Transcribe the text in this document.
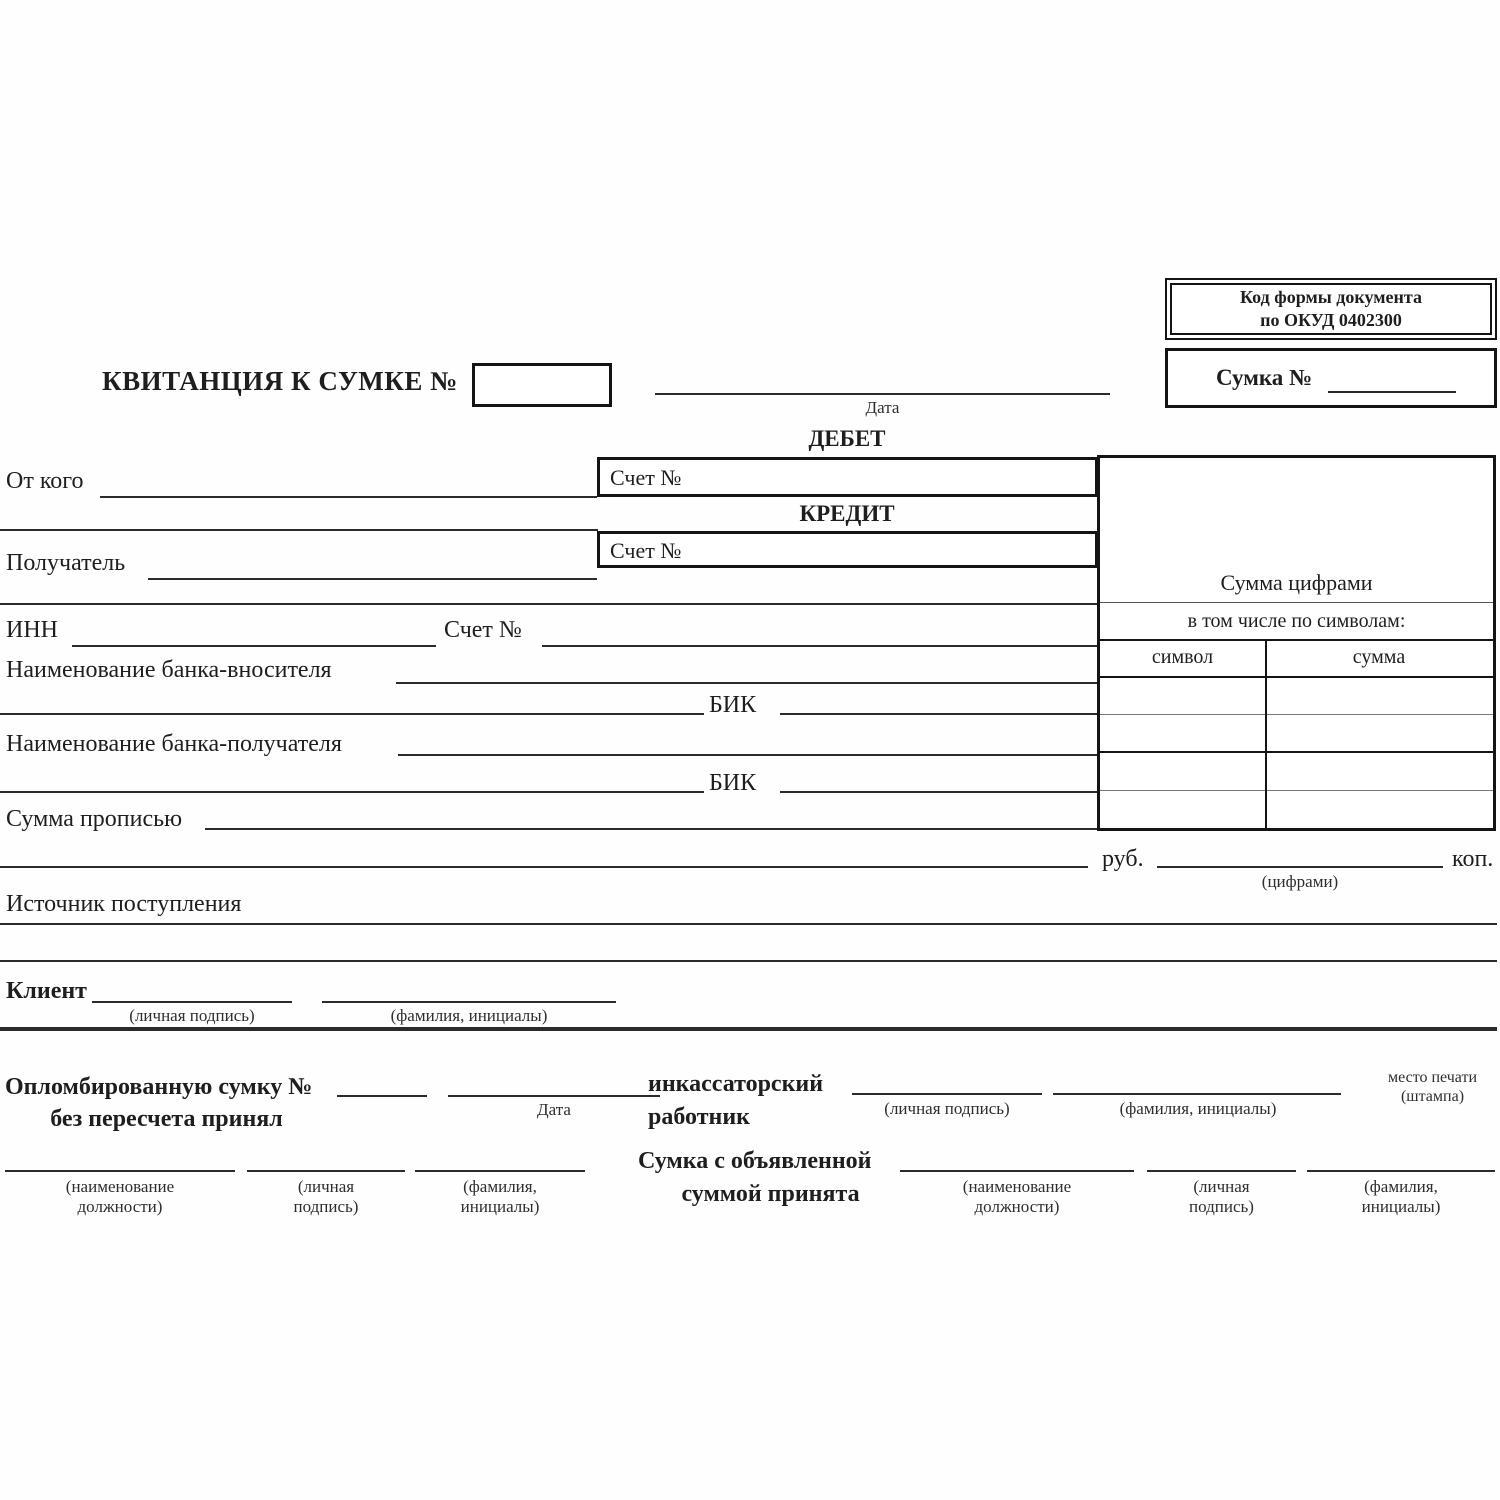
Код формы документа
по ОКУД 0402300
Сумка №
КВИТАНЦИЯ К СУМКЕ №
Дата
ДЕБЕТ
Счет №
От кого
КРЕДИТ
Счет №
Получатель
ИНН	Счет №
Наименование банка-вносителя
БИК
Наименование банка-получателя
БИК
Сумма прописью
руб.
(цифрами)
коп.
Источник поступления
Клиент
(личная подпись)	(фамилия, инициалы)
Сумма цифрами
в том числе по символам:
символ	сумма
Опломбированную сумку №
без пересчета принял	Дата
инкассаторский
работник	(личная подпись)	(фамилия, инициалы)
место печати
(штампа)
(наименование
должности)
(личная
подпись)
(фамилия,
инициалы)
Сумка с объявленной
суммой принята	(наименование
должности)
(личная
подпись)
(фамилия,
инициалы)
